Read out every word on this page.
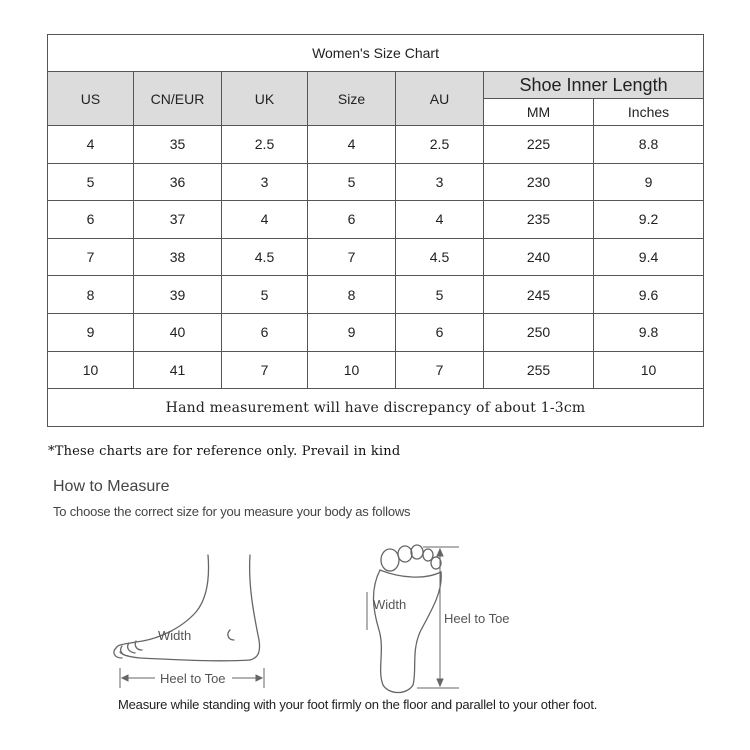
Women's Size Chart						
US	CN/EUR	UK	Size	AU	Shoe Inner Length	
					MM	Inches
4	35	2.5	4	2.5	225	8.8
5	36	3	5	3	230	9
6	37	4	6	4	235	9.2
7	38	4.5	7	4.5	240	9.4
8	39	5	8	5	245	9.6
9	40	6	9	6	250	9.8
10	41	7	10	7	255	10
Hand measurement will have discrepancy of about 1-3cm						
*These charts are for reference only. Prevail in kind
How to Measure
To choose the correct size for you measure your body as follows
Width
Heel to Toe
Width
Heel to Toe
Measure while standing with your foot firmly on the floor and parallel to your other foot.
